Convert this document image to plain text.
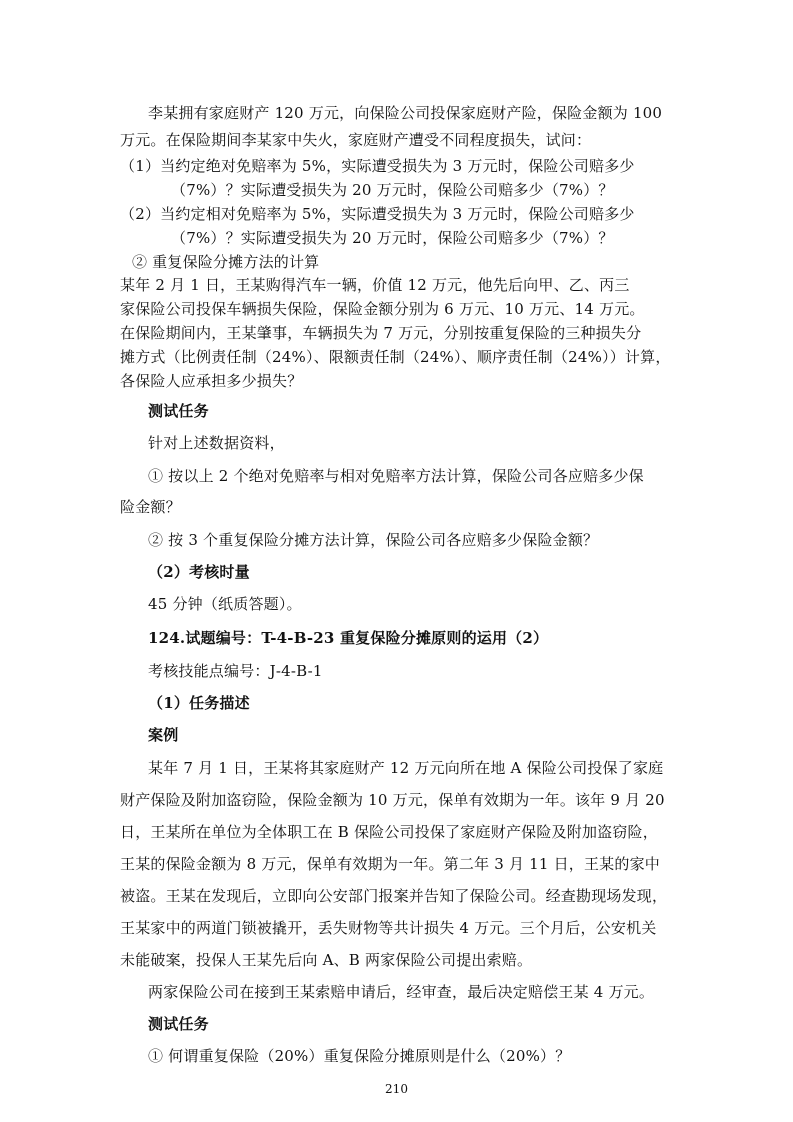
李某拥有家庭财产 120 万元，向保险公司投保家庭财产险，保险金额为 100
万元。在保险期间李某家中失火，家庭财产遭受不同程度损失，试问：
（1）当约定绝对免赔率为 5%，实际遭受损失为 3 万元时，保险公司赔多少
（7%）？实际遭受损失为 20 万元时，保险公司赔多少（7%）？
（2）当约定相对免赔率为 5%，实际遭受损失为 3 万元时，保险公司赔多少
（7%）？实际遭受损失为 20 万元时，保险公司赔多少（7%）？
② 重复保险分摊方法的计算
某年 2 月 1 日，王某购得汽车一辆，价值 12 万元，他先后向甲、乙、丙三
家保险公司投保车辆损失保险，保险金额分别为 6 万元、10 万元、14 万元。
在保险期间内，王某肇事，车辆损失为 7 万元，分别按重复保险的三种损失分
摊方式（比例责任制（24%）、限额责任制（24%）、顺序责任制（24%））计算，
各保险人应承担多少损失？
测试任务
针对上述数据资料，
① 按以上 2 个绝对免赔率与相对免赔率方法计算，保险公司各应赔多少保
险金额？
② 按 3 个重复保险分摊方法计算，保险公司各应赔多少保险金额？
（2）考核时量
45 分钟（纸质答题）。
124.试题编号：T-4-B-23 重复保险分摊原则的运用（2）
考核技能点编号：J-4-B-1
（1）任务描述
案例
某年 7 月 1 日，王某将其家庭财产 12 万元向所在地 A 保险公司投保了家庭
财产保险及附加盗窃险，保险金额为 10 万元，保单有效期为一年。该年 9 月 20
日，王某所在单位为全体职工在 B 保险公司投保了家庭财产保险及附加盗窃险，
王某的保险金额为 8 万元，保单有效期为一年。第二年 3 月 11 日，王某的家中
被盗。王某在发现后，立即向公安部门报案并告知了保险公司。经查勘现场发现，
王某家中的两道门锁被撬开，丢失财物等共计损失 4 万元。三个月后，公安机关
未能破案，投保人王某先后向 A、B 两家保险公司提出索赔。
两家保险公司在接到王某索赔申请后，经审查，最后决定赔偿王某 4 万元。
测试任务
① 何谓重复保险（20%）重复保险分摊原则是什么（20%）？
210
